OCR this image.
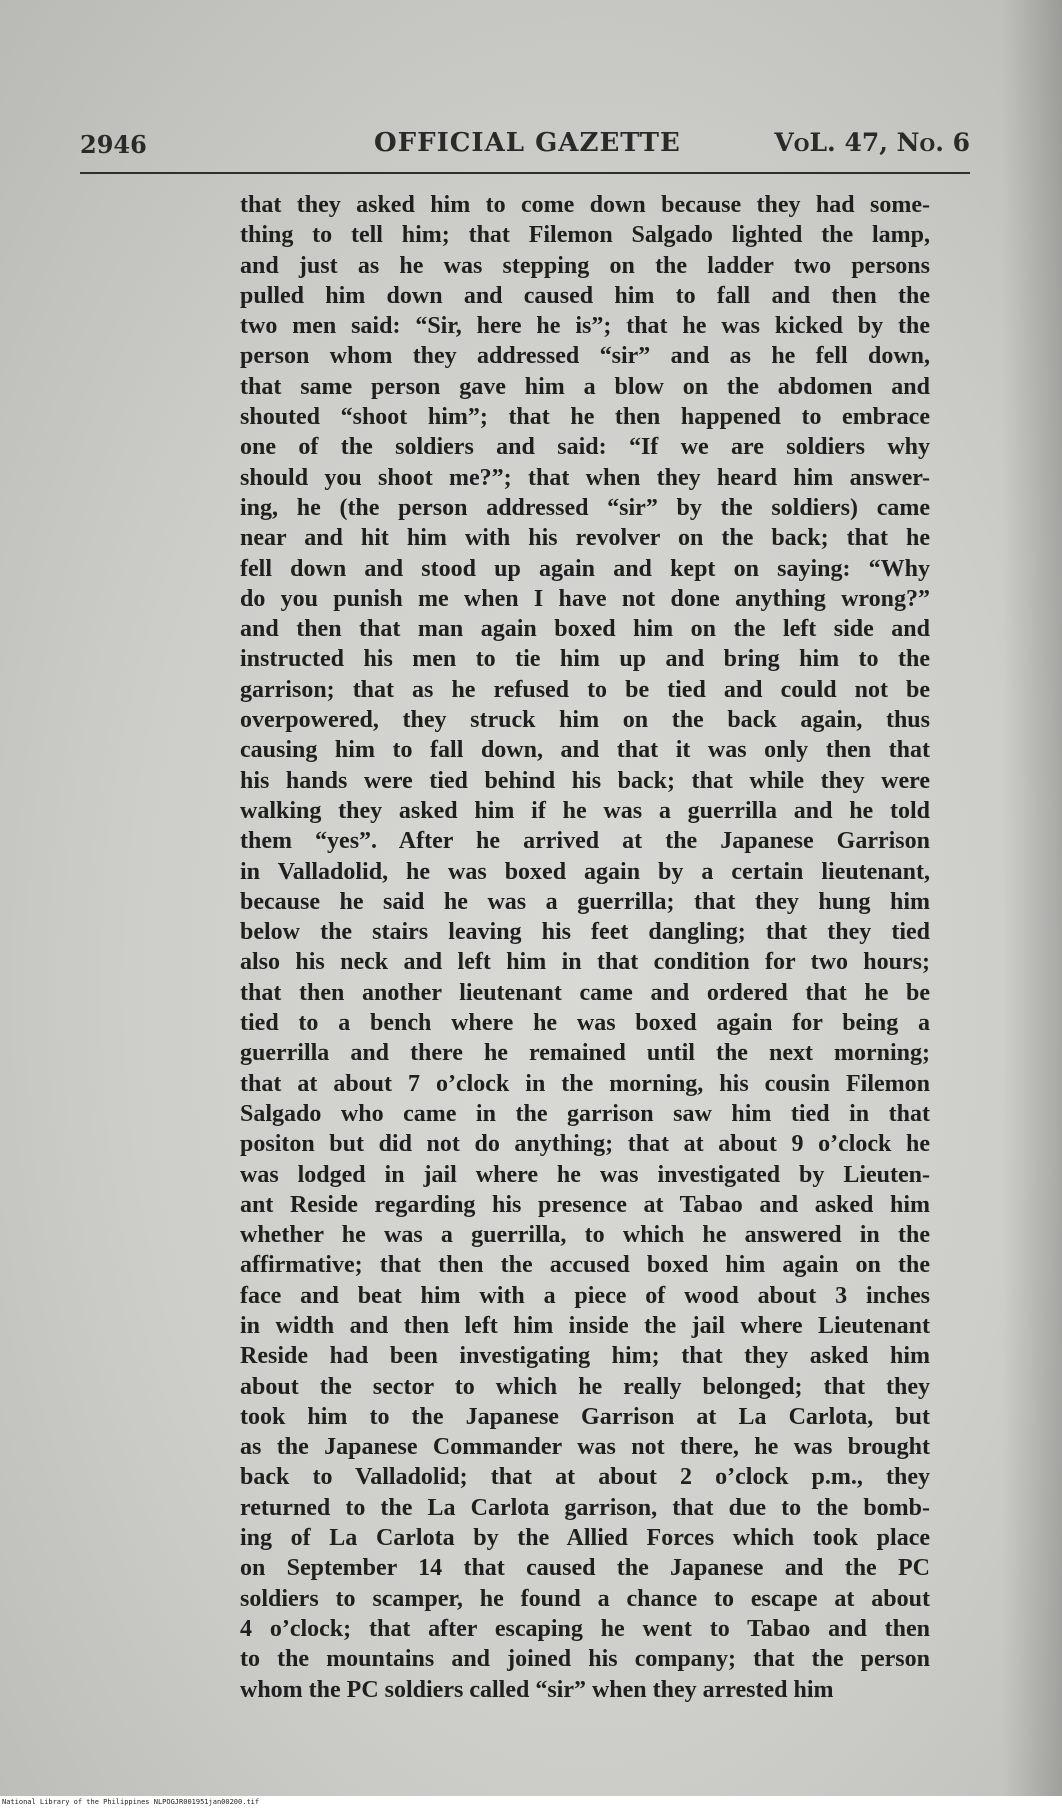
2946	OFFICIAL GAZETTE	VoL. 47, No. 6
that they asked him to come down because they had some-
thing to tell him; that Filemon Salgado lighted the lamp,
and just as he was stepping on the ladder two persons
pulled him down and caused him to fall and then the
two men said: “Sir, here he is”; that he was kicked by the
person whom they addressed “sir” and as he fell down,
that same person gave him a blow on the abdomen and
shouted “shoot him”; that he then happened to embrace
one of the soldiers and said: “If we are soldiers why
should you shoot me?”; that when they heard him answer-
ing, he (the person addressed “sir” by the soldiers) came
near and hit him with his revolver on the back; that he
fell down and stood up again and kept on saying: “Why
do you punish me when I have not done anything wrong?”
and then that man again boxed him on the left side and
instructed his men to tie him up and bring him to the
garrison; that as he refused to be tied and could not be
overpowered, they struck him on the back again, thus
causing him to fall down, and that it was only then that
his hands were tied behind his back; that while they were
walking they asked him if he was a guerrilla and he told
them “yes”. After he arrived at the Japanese Garrison
in Valladolid, he was boxed again by a certain lieutenant,
because he said he was a guerrilla; that they hung him
below the stairs leaving his feet dangling; that they tied
also his neck and left him in that condition for two hours;
that then another lieutenant came and ordered that he be
tied to a bench where he was boxed again for being a
guerrilla and there he remained until the next morning;
that at about 7 o’clock in the morning, his cousin Filemon
Salgado who came in the garrison saw him tied in that
positon but did not do anything; that at about 9 o’clock he
was lodged in jail where he was investigated by Lieuten-
ant Reside regarding his presence at Tabao and asked him
whether he was a guerrilla, to which he answered in the
affirmative; that then the accused boxed him again on the
face and beat him with a piece of wood about 3 inches
in width and then left him inside the jail where Lieutenant
Reside had been investigating him; that they asked him
about the sector to which he really belonged; that they
took him to the Japanese Garrison at La Carlota, but
as the Japanese Commander was not there, he was brought
back to Valladolid; that at about 2 o’clock p.m., they
returned to the La Carlota garrison, that due to the bomb-
ing of La Carlota by the Allied Forces which took place
on September 14 that caused the Japanese and the PC
soldiers to scamper, he found a chance to escape at about
4 o’clock; that after escaping he went to Tabao and then
to the mountains and joined his company; that the person
whom the PC soldiers called “sir” when they arrested him
National Library of the Philippines NLPOGJR001951jan00200.tif
